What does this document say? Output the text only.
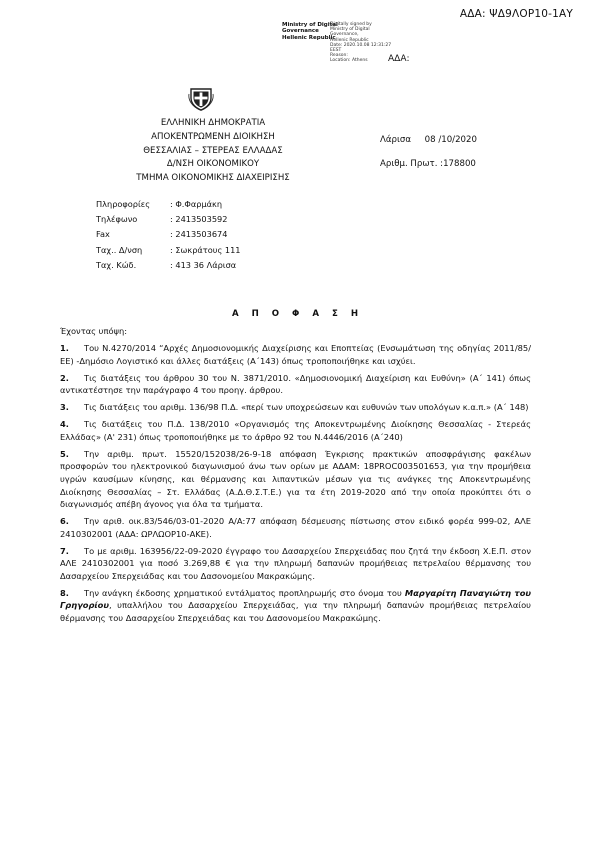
ΑΔΑ: ΨΔ9ΛΟΡ10-1ΑΥ
Ministry of Digital
Governance
Hellenic Republic
Digitally signed by
Ministry of Digital
Governance,
Hellenic Republic
Date: 2020.10.08 12:31:27
EEST
Reason:
Location: Athens	ΑΔΑ:
ΕΛΛΗΝΙΚΗ ΔΗΜΟΚΡΑΤΙΑ
ΑΠΟΚΕΝΤΡΩΜΕΝΗ ΔΙΟΙΚΗΣΗ
ΘΕΣΣΑΛΙΑΣ – ΣΤΕΡΕΑΣ ΕΛΛΑΔΑΣ
Δ/ΝΣΗ ΟΙΚΟΝΟΜΙΚΟΥ
ΤΜΗΜΑ ΟΙΚΟΝΟΜΙΚΗΣ ΔΙΑΧΕΙΡΙΣΗΣ
Λάρισα     08 /10/2020
Αριθμ. Πρωτ. :178800
Πληροφορίες	: Φ.Φαρμάκη
Τηλέφωνο	: 2413503592
Fax	: 2413503674
Ταχ.. Δ/νση	: Σωκράτους 111
Ταχ. Κώδ.	: 413 36 Λάρισα
Α Π Ο Φ Α Σ Η
Έχοντας υπόψη:
1. Του Ν.4270/2014 “Αρχές Δημοσιονομικής Διαχείρισης και Εποπτείας (Ενσωμάτωση της οδηγίας 2011/85/ΕΕ) -Δημόσιο Λογιστικό και άλλες διατάξεις (Α΄143) όπως τροποποιήθηκε και ισχύει.
2. Τις διατάξεις του άρθρου 30 του Ν. 3871/2010. «Δημοσιονομική Διαχείριση και Ευθύνη» (Α΄ 141) όπως αντικατέστησε την παράγραφο 4 του προηγ. άρθρου.
3. Τις διατάξεις του αριθμ. 136/98 Π.Δ. «περί των υποχρεώσεων και ευθυνών των υπολόγων κ.α.π.» (Α΄ 148)
4. Τις διατάξεις του Π.Δ. 138/2010 «Οργανισμός της Αποκεντρωμένης Διοίκησης Θεσσαλίας - Στερεάς Ελλάδας» (Α' 231) όπως τροποποιήθηκε με το άρθρο 92 του Ν.4446/2016 (Α΄240)
5. Την αριθμ. πρωτ. 15520/152038/26-9-18 απόφαση Έγκρισης πρακτικών αποσφράγισης φακέλων προσφορών του ηλεκτρονικού διαγωνισμού άνω των ορίων με ΑΔΑΜ: 18PROC003501653, για την προμήθεια υγρών καυσίμων κίνησης, και θέρμανσης και λιπαντικών μέσων για τις ανάγκες της Αποκεντρωμένης Διοίκησης Θεσσαλίας – Στ. Ελλάδας (Α.Δ.Θ.Σ.Τ.Ε.) για τα έτη 2019-2020 από την οποία προκύπτει ότι ο διαγωνισμός απέβη άγονος για όλα τα τμήματα.
6. Την αριθ. οικ.83/546/03-01-2020 Α/Α:77 απόφαση δέσμευσης πίστωσης στον ειδικό φορέα 999-02, ΑΛΕ 2410302001 (ΑΔΑ: ΩΡΛΩΟΡ10-ΑΚΕ).
7. Το με αριθμ. 163956/22-09-2020 έγγραφο του Δασαρχείου Σπερχειάδας που ζητά την έκδοση Χ.Ε.Π. στον ΑΛΕ 2410302001 για ποσό 3.269,88 € για την πληρωμή δαπανών προμήθειας πετρελαίου θέρμανσης του Δασαρχείου Σπερχειάδας και του Δασονομείου Μακρακώμης.
8. Την ανάγκη έκδοσης χρηματικού εντάλματος προπληρωμής στο όνομα του Μαργαρίτη Παναγιώτη του Γρηγορίου, υπαλλήλου του Δασαρχείου Σπερχειάδας, για την πληρωμή δαπανών προμήθειας πετρελαίου θέρμανσης του Δασαρχείου Σπερχειάδας και του Δασονομείου Μακρακώμης.
